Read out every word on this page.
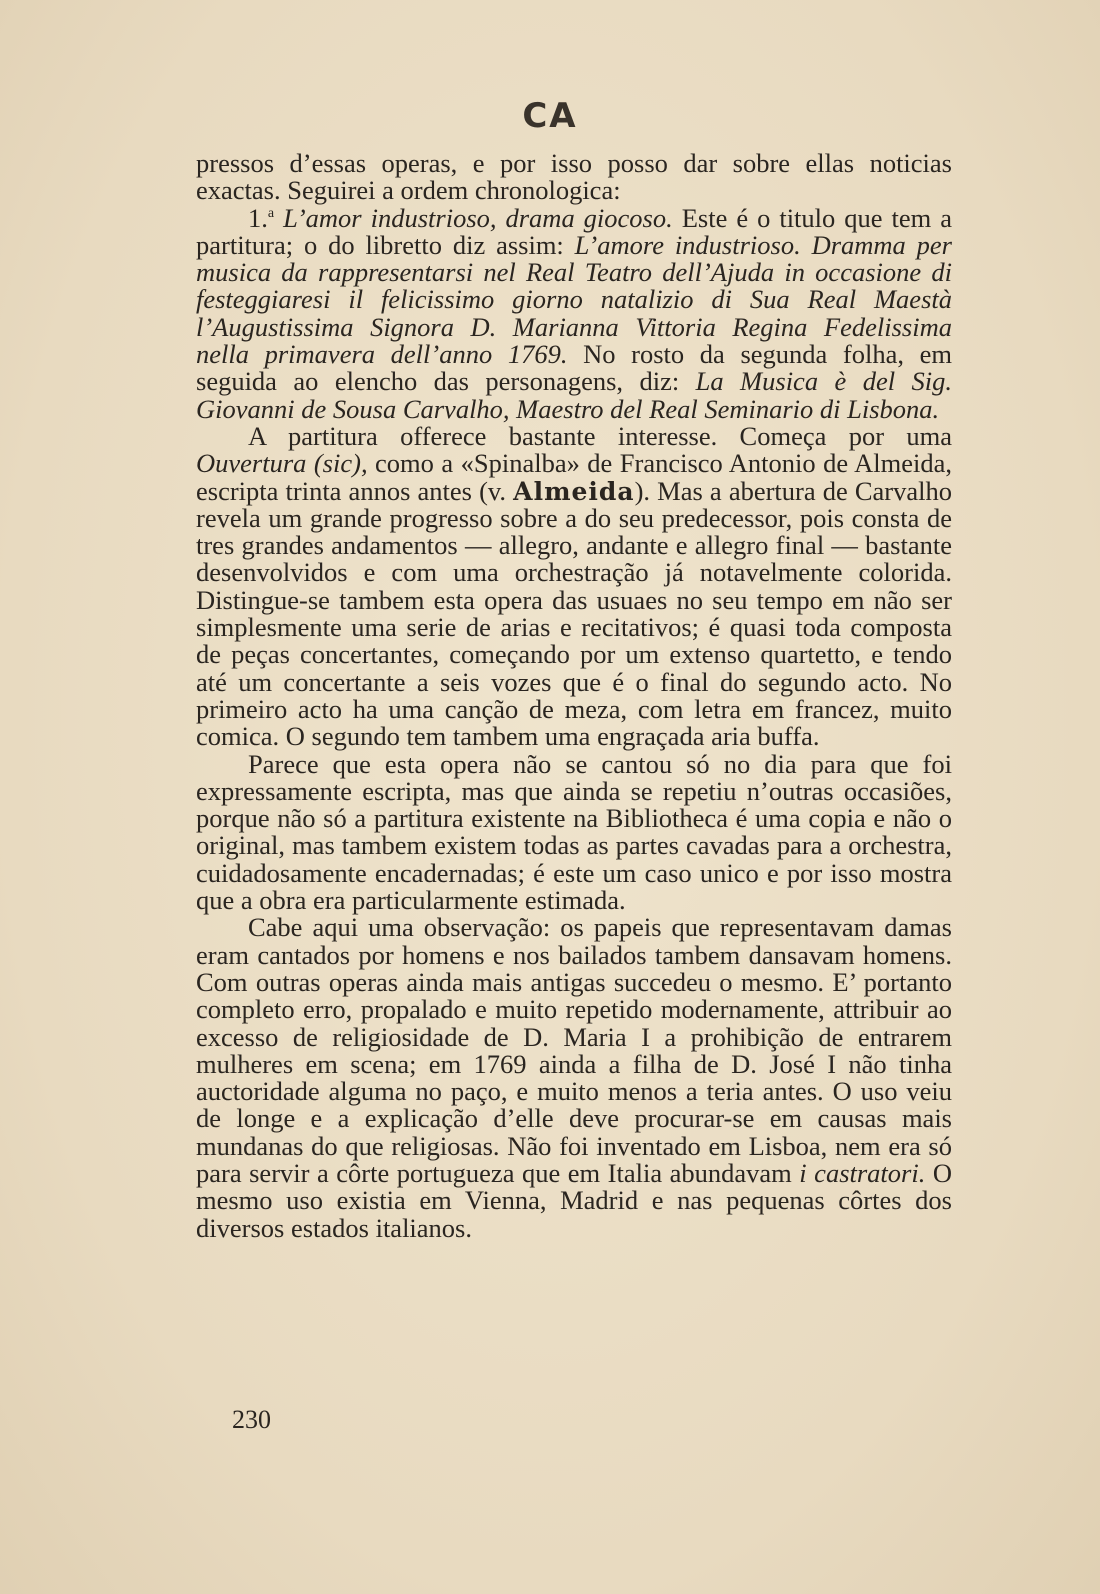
CA

pressos d’essas operas, e por isso posso dar sobre ellas noticias exactas. Seguirei a ordem chronologica:

1.$^a$ L’amor industrioso, drama giocoso. Este é o titulo que tem a partitura; o do libretto diz assim: L’amore industrioso. Dramma per musica da rappresentarsi nel Real Teatro dell’Ajuda in occasione di festeggiaresi il felicissimo giorno natalizio di Sua Real Maestà l’Augustissima Signora D. Marianna Vittoria Regina Fedelissima nella primavera dell’anno 1769. No rosto da segunda folha, em seguida ao elencho das personagens, diz: La Musica è del Sig. Giovanni de Sousa Carvalho, Maestro del Real Seminario di Lisbona.

A partitura offerece bastante interesse. Começa por uma Ouvertura (sic), como a «Spinalba» de Francisco Antonio de Almeida, escripta trinta annos antes (v. Almeida). Mas a abertura de Carvalho revela um grande progresso sobre a do seu predecessor, pois consta de tres grandes andamentos — allegro, andante e allegro final — bastante desenvolvidos e com uma orchestração já notavelmente colorida. Distingue-se tambem esta opera das usuaes no seu tempo em não ser simplesmente uma serie de arias e recitativos; é quasi toda composta de peças concertantes, começando por um extenso quartetto, e tendo até um concertante a seis vozes que é o final do segundo acto. No primeiro acto ha uma canção de meza, com letra em francez, muito comica. O segundo tem tambem uma engraçada aria buffa.

Parece que esta opera não se cantou só no dia para que foi expressamente escripta, mas que ainda se repetiu n’outras occasiões, porque não só a partitura existente na Bibliotheca é uma copia e não o original, mas tambem existem todas as partes cavadas para a orchestra, cuidadosamente encadernadas; é este um caso unico e por isso mostra que a obra era particularmente estimada.

Cabe aqui uma observação: os papeis que representavam damas eram cantados por homens e nos bailados tambem dansavam homens. Com outras operas ainda mais antigas succedeu o mesmo. E’ portanto completo erro, propalado e muito repetido modernamente, attribuir ao excesso de religiosidade de D. Maria I a prohibição de entrarem mulheres em scena; em 1769 ainda a filha de D. José I não tinha auctoridade alguma no paço, e muito menos a teria antes. O uso veiu de longe e a explicação d’elle deve procurar-se em causas mais mundanas do que religiosas. Não foi inventado em Lisboa, nem era só para servir a côrte portugueza que em Italia abundavam i castratori. O mesmo uso existia em Vienna, Madrid e nas pequenas côrtes dos diversos estados italianos.

230
